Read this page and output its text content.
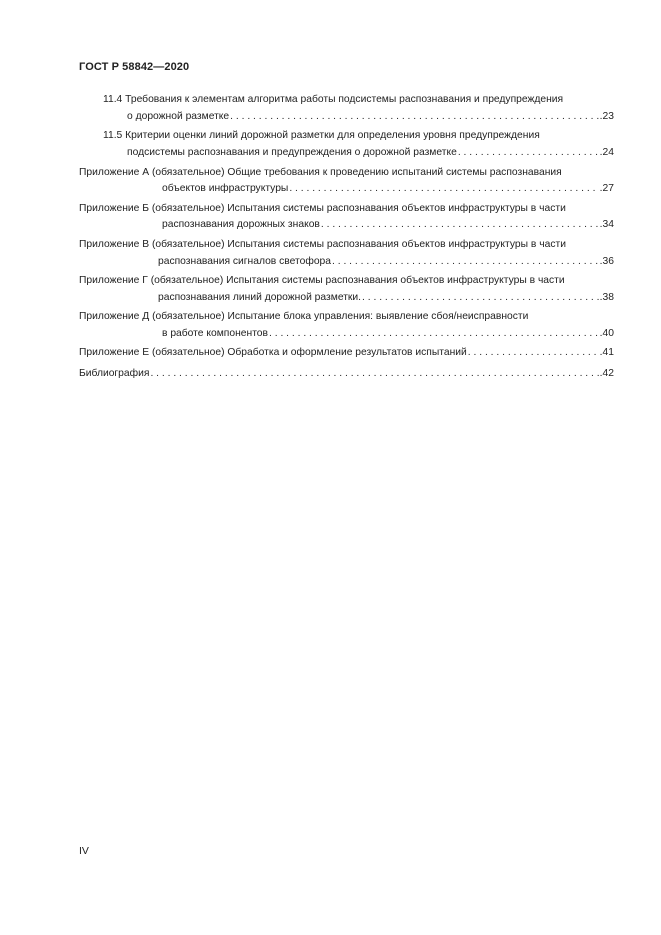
ГОСТ Р 58842—2020
11.4 Требования к элементам алгоритма работы подсистемы распознавания и предупреждения
о дорожной разметке . . .	.23
11.5 Критерии оценки линий дорожной разметки для определения уровня предупреждения
подсистемы распознавания и предупреждения о дорожной разметке . . .	.24
Приложение А (обязательное) Общие требования к проведению испытаний системы распознавания
объектов инфраструктуры . . .	.27
Приложение Б (обязательное) Испытания системы распознавания объектов инфраструктуры в части
распознавания дорожных знаков . . .	.34
Приложение В (обязательное) Испытания системы распознавания объектов инфраструктуры в части
распознавания сигналов светофора . . .	.36
Приложение Г (обязательное) Испытания системы распознавания объектов инфраструктуры в части
распознавания линий дорожной разметки. . . .	.38
Приложение Д (обязательное) Испытание блока управления: выявление сбоя/неисправности
в работе компонентов . . .	.40
Приложение Е (обязательное) Обработка и оформление результатов испытаний . . .	.41
Библиография . . .	.42
IV
